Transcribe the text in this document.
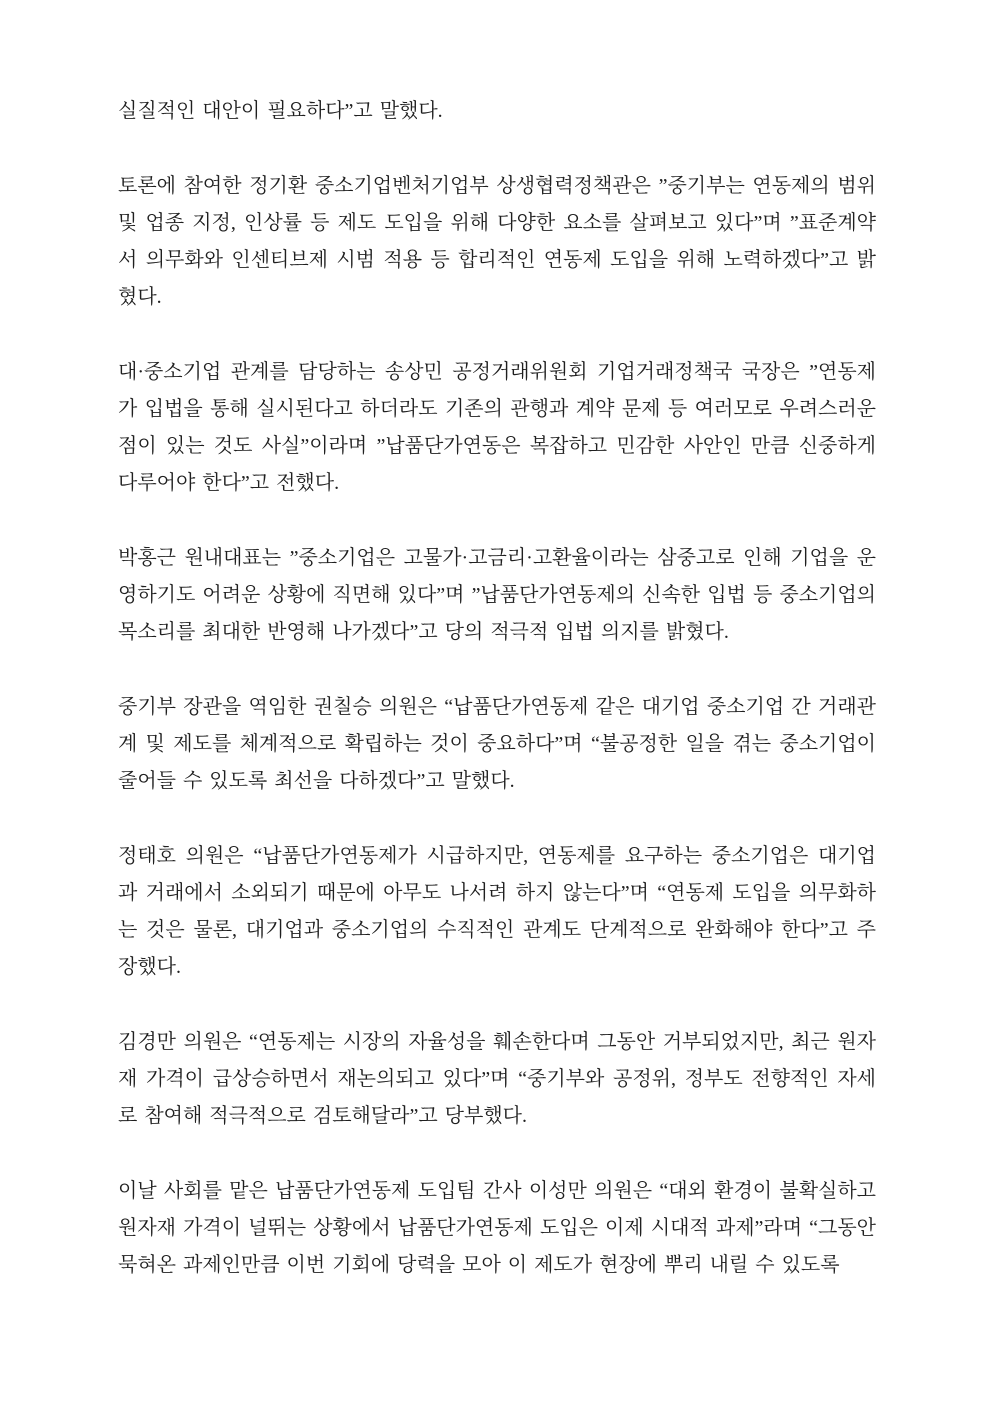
실질적인 대안이 필요하다”고 말했다.

토론에 참여한 정기환 중소기업벤처기업부 상생협력정책관은 ”중기부는 연동제의 범위 및 업종 지정, 인상률 등 제도 도입을 위해 다양한 요소를 살펴보고 있다”며 ”표준계약서 의무화와 인센티브제 시범 적용 등 합리적인 연동제 도입을 위해 노력하겠다”고 밝혔다.

대·중소기업 관계를 담당하는 송상민 공정거래위원회 기업거래정책국 국장은 ”연동제가 입법을 통해 실시된다고 하더라도 기존의 관행과 계약 문제 등 여러모로 우려스러운 점이 있는 것도 사실”이라며 ”납품단가연동은 복잡하고 민감한 사안인 만큼 신중하게 다루어야 한다”고 전했다.

박홍근 원내대표는 ”중소기업은 고물가·고금리·고환율이라는 삼중고로 인해 기업을 운영하기도 어려운 상황에 직면해 있다”며 ”납품단가연동제의 신속한 입법 등 중소기업의 목소리를 최대한 반영해 나가겠다”고 당의 적극적 입법 의지를 밝혔다.

중기부 장관을 역임한 권칠승 의원은 “납품단가연동제 같은 대기업 중소기업 간 거래관계 및 제도를 체계적으로 확립하는 것이 중요하다”며 “불공정한 일을 겪는 중소기업이 줄어들 수 있도록 최선을 다하겠다”고 말했다.

정태호 의원은 “납품단가연동제가 시급하지만, 연동제를 요구하는 중소기업은 대기업과 거래에서 소외되기 때문에 아무도 나서려 하지 않는다”며 “연동제 도입을 의무화하는 것은 물론, 대기업과 중소기업의 수직적인 관계도 단계적으로 완화해야 한다”고 주장했다.

김경만 의원은 “연동제는 시장의 자율성을 훼손한다며 그동안 거부되었지만, 최근 원자재 가격이 급상승하면서 재논의되고 있다”며 “중기부와 공정위, 정부도 전향적인 자세로 참여해 적극적으로 검토해달라”고 당부했다.

이날 사회를 맡은 납품단가연동제 도입팀 간사 이성만 의원은 “대외 환경이 불확실하고 원자재 가격이 널뛰는 상황에서 납품단가연동제 도입은 이제 시대적 과제”라며 “그동안 묵혀온 과제인만큼 이번 기회에 당력을 모아 이 제도가 현장에 뿌리 내릴 수 있도록
